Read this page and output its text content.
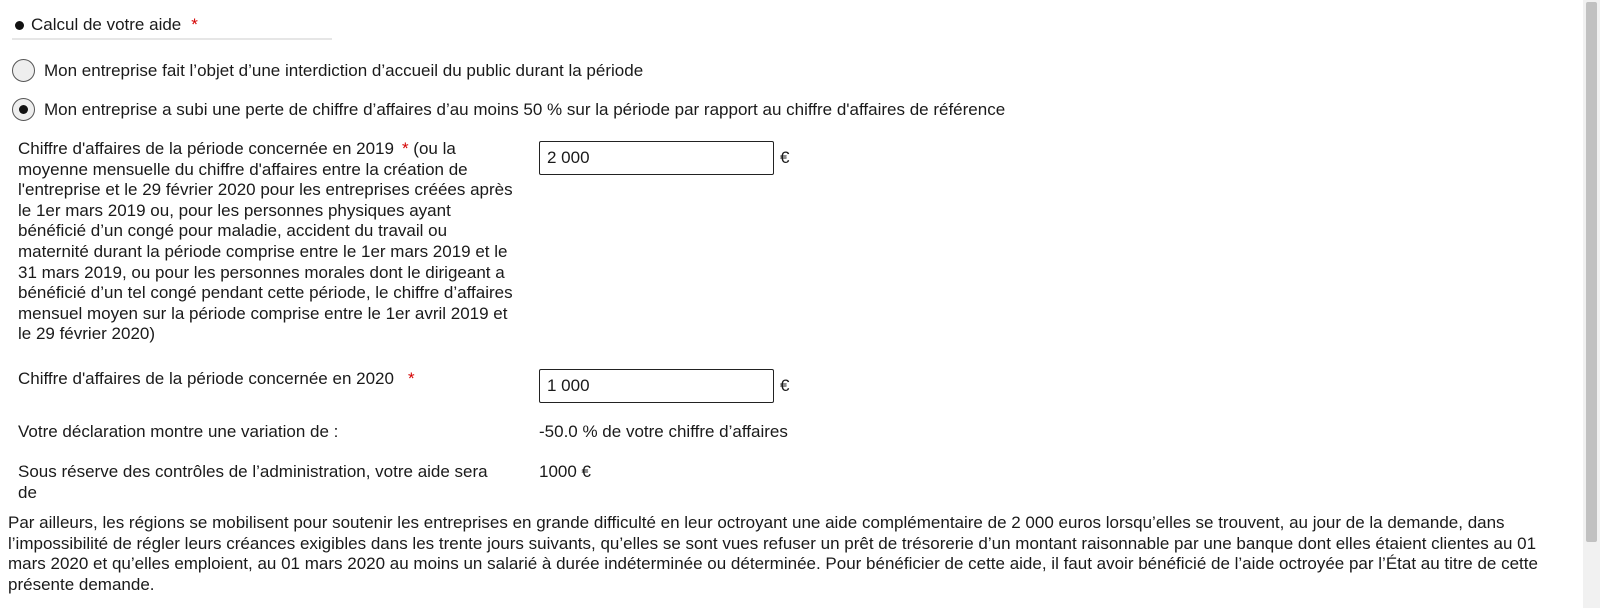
Calcul de votre aide *
Mon entreprise fait l’objet d’une interdiction d’accueil du public durant la période
Mon entreprise a subi une perte de chiffre d’affaires d’au moins 50 % sur la période par rapport au chiffre d'affaires de référence
Chiffre d'affaires de la période concernée en 2019 * (ou la moyenne mensuelle du chiffre d'affaires entre la création de l'entreprise et le 29 février 2020 pour les entreprises créées après le 1er mars 2019 ou, pour les personnes physiques ayant bénéficié d’un congé pour maladie, accident du travail ou maternité durant la période comprise entre le 1er mars 2019 et le 31 mars 2019, ou pour les personnes morales dont le dirigeant a bénéficié d’un tel congé pendant cette période, le chiffre d’affaires mensuel moyen sur la période comprise entre le 1er avril 2019 et le 29 février 2020)
2 000
€
Chiffre d'affaires de la période concernée en 2020 *
1 000	€
Votre déclaration montre une variation de :	-50.0 % de votre chiffre d’affaires
Sous réserve des contrôles de l’administration, votre aide sera de
1000 €
Par ailleurs, les régions se mobilisent pour soutenir les entreprises en grande difficulté en leur octroyant une aide complémentaire de 2 000 euros lorsqu’elles se trouvent, au jour de la demande, dans l’impossibilité de régler leurs créances exigibles dans les trente jours suivants, qu’elles se sont vues refuser un prêt de trésorerie d’un montant raisonnable par une banque dont elles étaient clientes au 01 mars 2020 et qu’elles emploient, au 01 mars 2020 au moins un salarié à durée indéterminée ou déterminée. Pour bénéficier de cette aide, il faut avoir bénéficié de l’aide octroyée par l’État au titre de cette présente demande.
